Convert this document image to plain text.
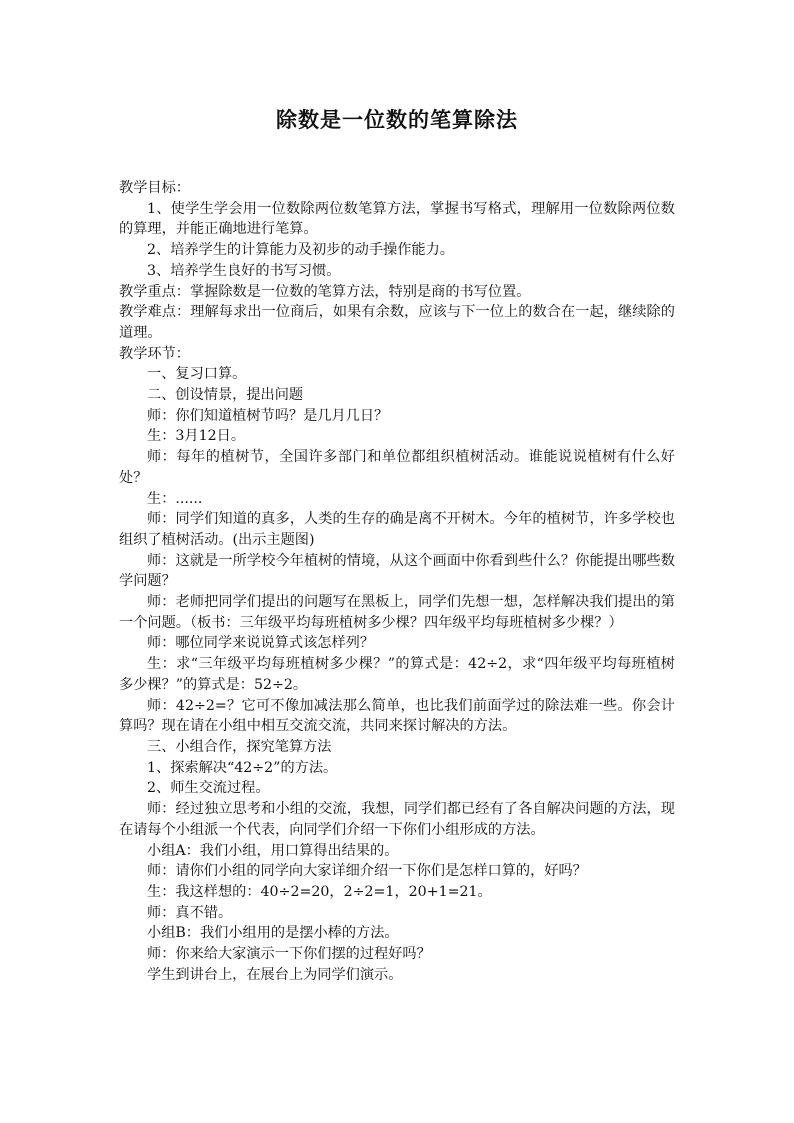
除数是一位数的笔算除法

教学目标：

1、使学生学会用一位数除两位数笔算方法，掌握书写格式，理解用一位数除两位数的算理，并能正确地进行笔算。

2、培养学生的计算能力及初步的动手操作能力。

3、培养学生良好的书写习惯。

教学重点：掌握除数是一位数的笔算方法，特别是商的书写位置。

教学难点：理解每求出一位商后，如果有余数，应该与下一位上的数合在一起，继续除的道理。

教学环节：

一、复习口算。

二、创设情景，提出问题

师：你们知道植树节吗？是几月几日？

生：3月12日。

师：每年的植树节，全国许多部门和单位都组织植树活动。谁能说说植树有什么好处？

生：......

师：同学们知道的真多，人类的生存的确是离不开树木。今年的植树节，许多学校也组织了植树活动。(出示主题图)

师：这就是一所学校今年植树的情境，从这个画面中你看到些什么？你能提出哪些数学问题？

师：老师把同学们提出的问题写在黑板上，同学们先想一想，怎样解决我们提出的第一个问题。（板书：三年级平均每班植树多少棵？四年级平均每班植树多少棵？）

师：哪位同学来说说算式该怎样列？

生：求“三年级平均每班植树多少棵？”的算式是：42÷2，求“四年级平均每班植树多少棵？”的算式是：52÷2。

师：42÷2=？它可不像加减法那么简单，也比我们前面学过的除法难一些。你会计算吗？现在请在小组中相互交流交流，共同来探讨解决的方法。

三、小组合作，探究笔算方法

1、探索解决“42÷2”的方法。

2、师生交流过程。

师：经过独立思考和小组的交流，我想，同学们都已经有了各自解决问题的方法，现在请每个小组派一个代表，向同学们介绍一下你们小组形成的方法。

小组A：我们小组，用口算得出结果的。

师：请你们小组的同学向大家详细介绍一下你们是怎样口算的，好吗？

生：我这样想的：40÷2=20，2÷2=1，20+1=21。

师：真不错。

小组B：我们小组用的是摆小棒的方法。

师：你来给大家演示一下你们摆的过程好吗？

学生到讲台上，在展台上为同学们演示。
